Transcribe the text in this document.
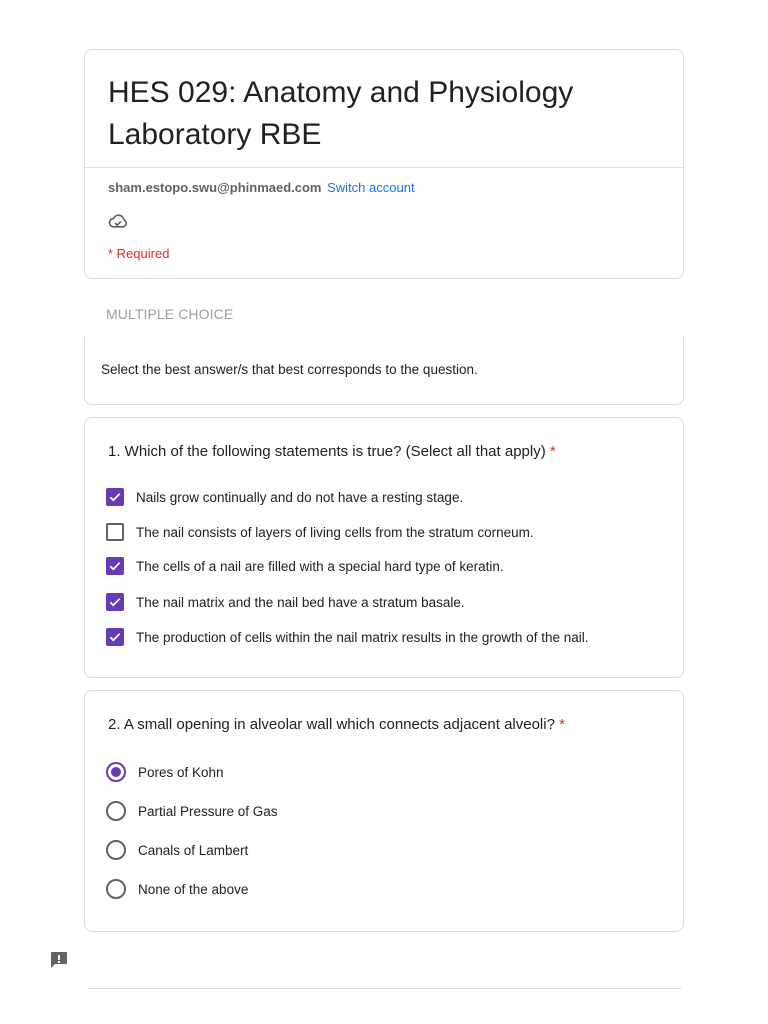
HES 029: Anatomy and Physiology Laboratory RBE
sham.estopo.swu@phinmaed.com Switch account
* Required
MULTIPLE CHOICE
Select the best answer/s that best corresponds to the question.
1. Which of the following statements is true? (Select all that apply) *
Nails grow continually and do not have a resting stage.
The nail consists of layers of living cells from the stratum corneum.
The cells of a nail are filled with a special hard type of keratin.
The nail matrix and the nail bed have a stratum basale.
The production of cells within the nail matrix results in the growth of the nail.
2. A small opening in alveolar wall which connects adjacent alveoli? *
Pores of Kohn
Partial Pressure of Gas
Canals of Lambert
None of the above
